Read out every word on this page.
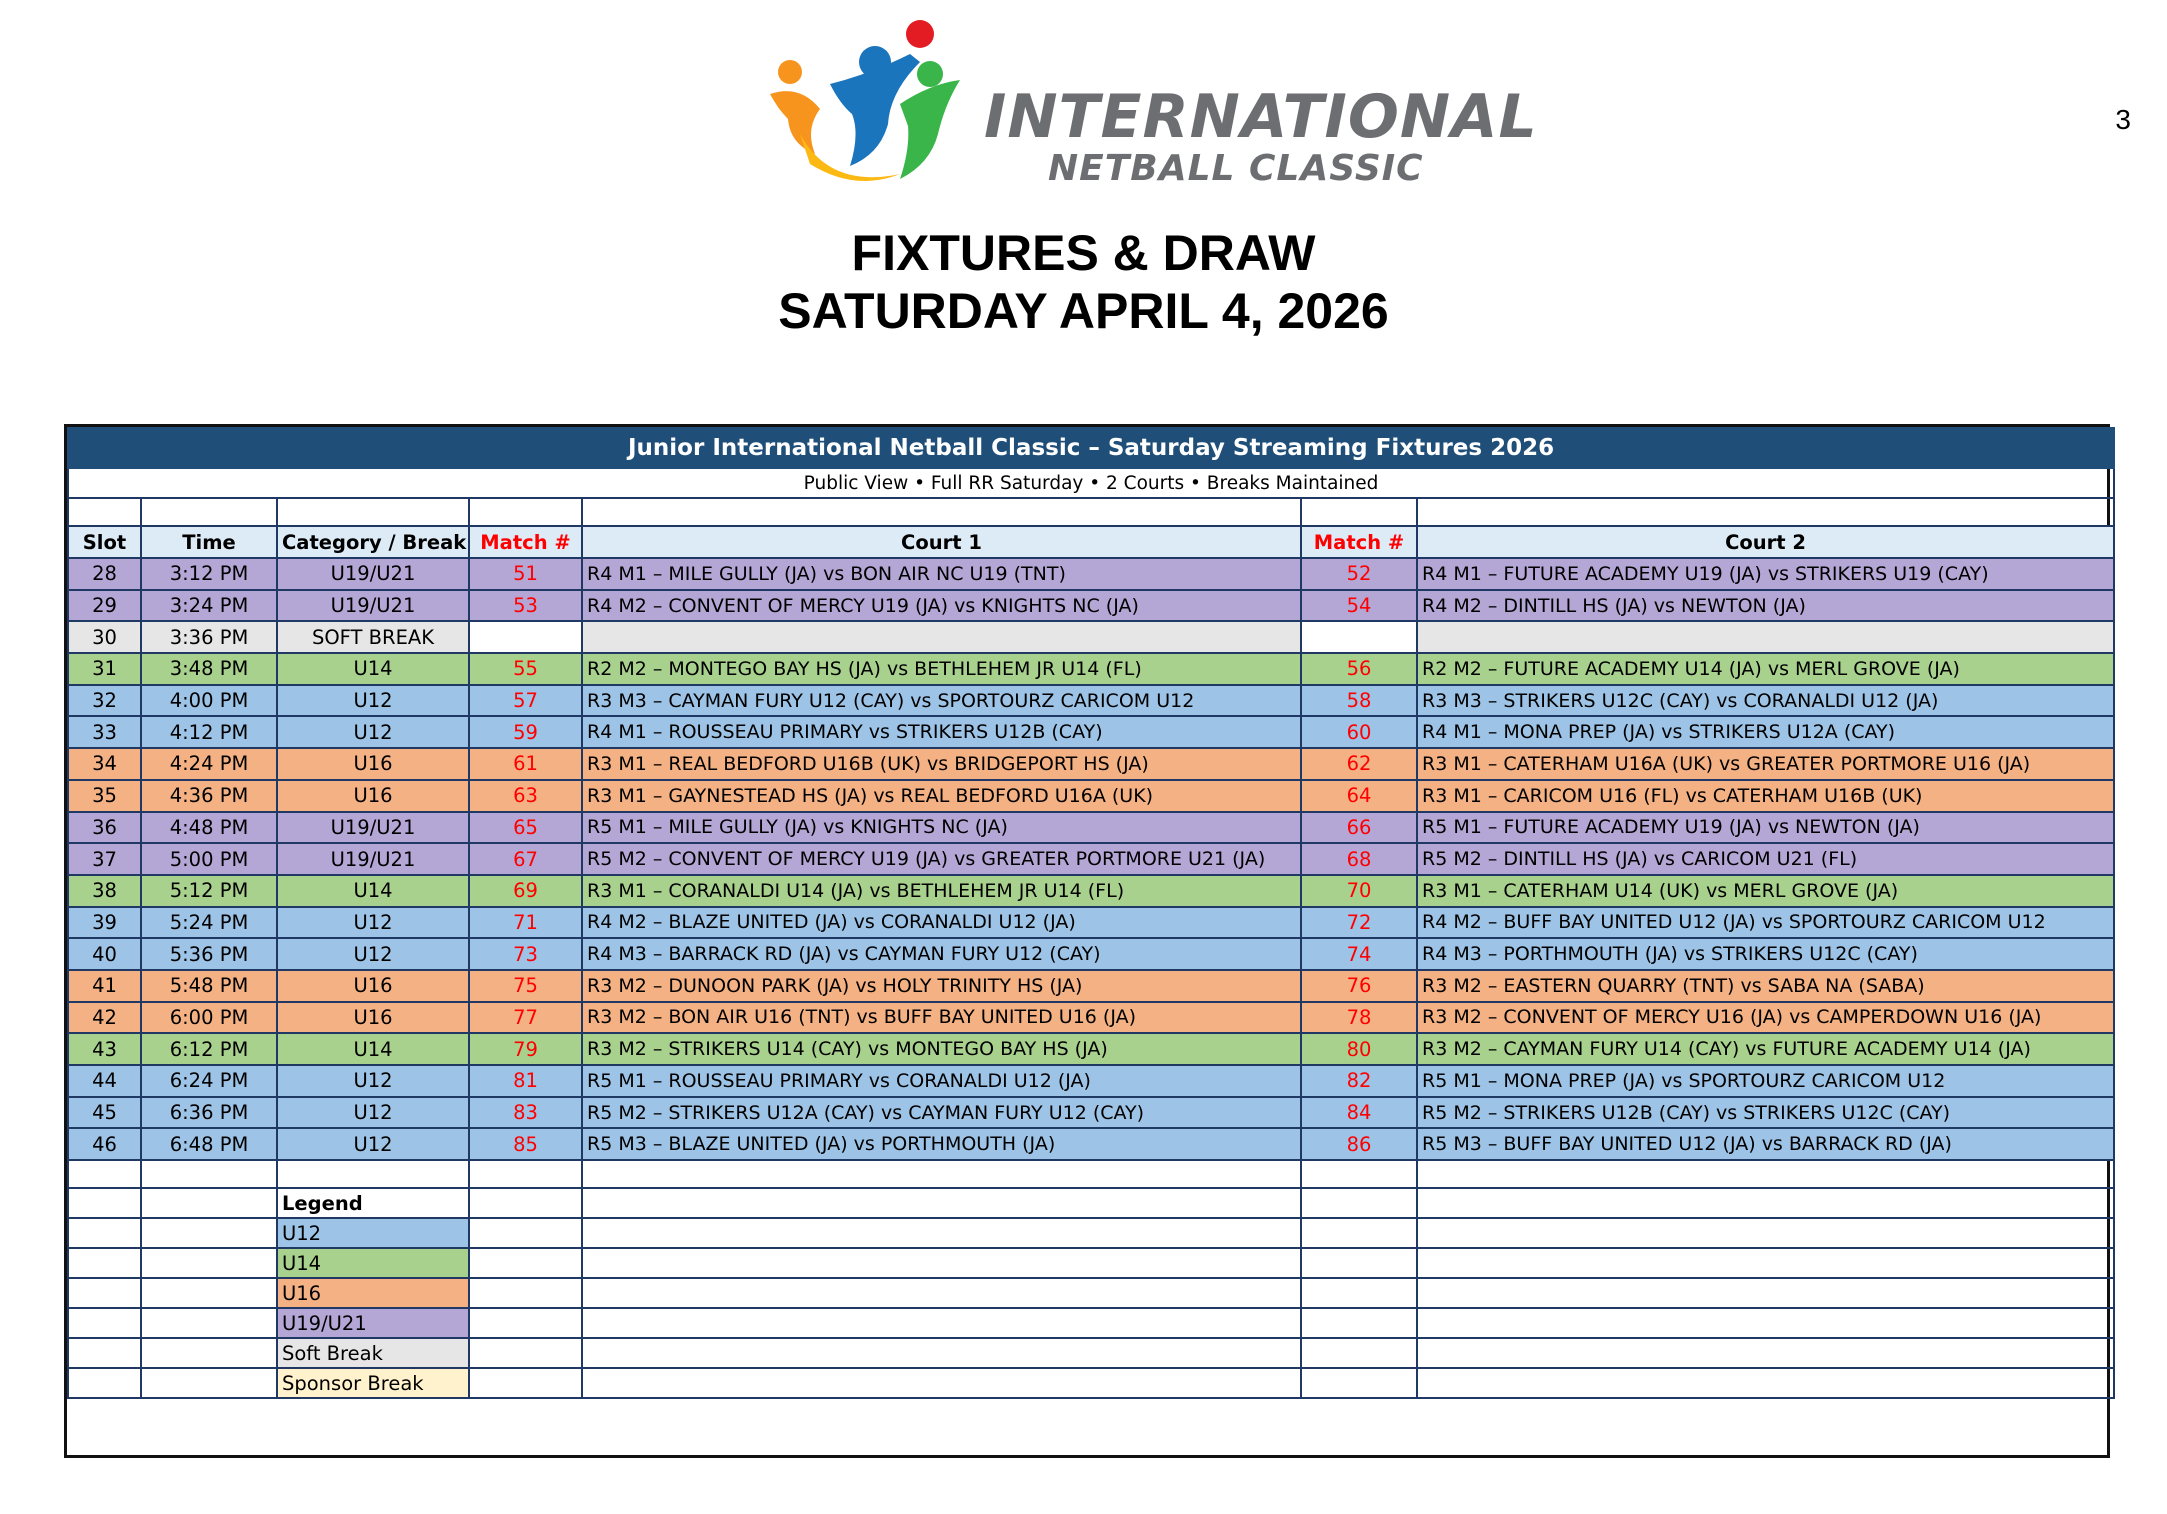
3
INTERNATIONAL
NETBALL CLASSIC
FIXTURES & DRAW
SATURDAY APRIL 4, 2026
Junior International Netball Classic – Saturday Streaming Fixtures 2026						
Public View • Full RR Saturday • 2 Courts • Breaks Maintained						

Slot	Time	Category / Break	Match #	Court 1	Match #	Court 2
28	3:12 PM	U19/U21	51	R4 M1 – MILE GULLY (JA) vs BON AIR NC U19 (TNT)	52	R4 M1 – FUTURE ACADEMY U19 (JA) vs STRIKERS U19 (CAY)
29	3:24 PM	U19/U21	53	R4 M2 – CONVENT OF MERCY U19 (JA) vs KNIGHTS NC (JA)	54	R4 M2 – DINTILL HS (JA) vs NEWTON (JA)
30	3:36 PM	SOFT BREAK				
31	3:48 PM	U14	55	R2 M2 – MONTEGO BAY HS (JA) vs BETHLEHEM JR U14 (FL)	56	R2 M2 – FUTURE ACADEMY U14 (JA) vs MERL GROVE (JA)
32	4:00 PM	U12	57	R3 M3 – CAYMAN FURY U12 (CAY) vs SPORTOURZ CARICOM U12	58	R3 M3 – STRIKERS U12C (CAY) vs CORANALDI U12 (JA)
33	4:12 PM	U12	59	R4 M1 – ROUSSEAU PRIMARY vs STRIKERS U12B (CAY)	60	R4 M1 – MONA PREP (JA) vs STRIKERS U12A (CAY)
34	4:24 PM	U16	61	R3 M1 – REAL BEDFORD U16B (UK) vs BRIDGEPORT HS (JA)	62	R3 M1 – CATERHAM U16A (UK) vs GREATER PORTMORE U16 (JA)
35	4:36 PM	U16	63	R3 M1 – GAYNESTEAD HS (JA) vs REAL BEDFORD U16A (UK)	64	R3 M1 – CARICOM U16 (FL) vs CATERHAM U16B (UK)
36	4:48 PM	U19/U21	65	R5 M1 – MILE GULLY (JA) vs KNIGHTS NC (JA)	66	R5 M1 – FUTURE ACADEMY U19 (JA) vs NEWTON (JA)
37	5:00 PM	U19/U21	67	R5 M2 – CONVENT OF MERCY U19 (JA) vs GREATER PORTMORE U21 (JA)	68	R5 M2 – DINTILL HS (JA) vs CARICOM U21 (FL)
38	5:12 PM	U14	69	R3 M1 – CORANALDI U14 (JA) vs BETHLEHEM JR U14 (FL)	70	R3 M1 – CATERHAM U14 (UK) vs MERL GROVE (JA)
39	5:24 PM	U12	71	R4 M2 – BLAZE UNITED (JA) vs CORANALDI U12 (JA)	72	R4 M2 – BUFF BAY UNITED U12 (JA) vs SPORTOURZ CARICOM U12
40	5:36 PM	U12	73	R4 M3 – BARRACK RD (JA) vs CAYMAN FURY U12 (CAY)	74	R4 M3 – PORTHMOUTH (JA) vs STRIKERS U12C (CAY)
41	5:48 PM	U16	75	R3 M2 – DUNOON PARK (JA) vs HOLY TRINITY HS (JA)	76	R3 M2 – EASTERN QUARRY (TNT) vs SABA NA (SABA)
42	6:00 PM	U16	77	R3 M2 – BON AIR U16 (TNT) vs BUFF BAY UNITED U16 (JA)	78	R3 M2 – CONVENT OF MERCY U16 (JA) vs CAMPERDOWN U16 (JA)
43	6:12 PM	U14	79	R3 M2 – STRIKERS U14 (CAY) vs MONTEGO BAY HS (JA)	80	R3 M2 – CAYMAN FURY U14 (CAY) vs FUTURE ACADEMY U14 (JA)
44	6:24 PM	U12	81	R5 M1 – ROUSSEAU PRIMARY vs CORANALDI U12 (JA)	82	R5 M1 – MONA PREP (JA) vs SPORTOURZ CARICOM U12
45	6:36 PM	U12	83	R5 M2 – STRIKERS U12A (CAY) vs CAYMAN FURY U12 (CAY)	84	R5 M2 – STRIKERS U12B (CAY) vs STRIKERS U12C (CAY)
46	6:48 PM	U12	85	R5 M3 – BLAZE UNITED (JA) vs PORTHMOUTH (JA)	86	R5 M3 – BUFF BAY UNITED U12 (JA) vs BARRACK RD (JA)

		Legend				
		U12				
		U14				
		U16				
		U19/U21				
		Soft Break				
		Sponsor Break				
